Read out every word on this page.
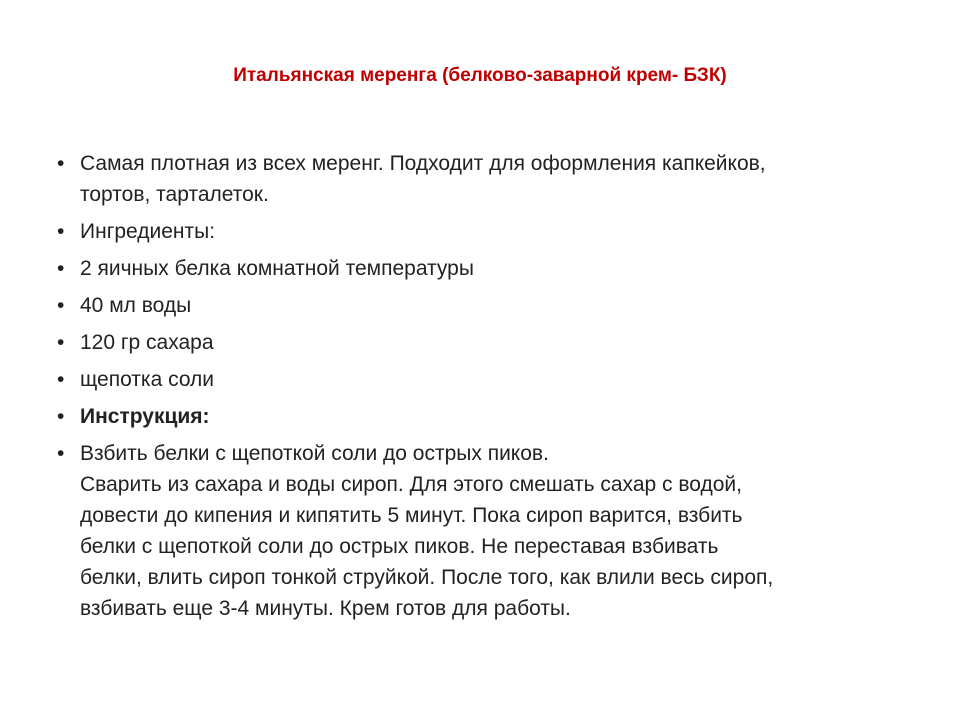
Итальянская меренга (белково-заварной крем- БЗК)
• Самая плотная из всех меренг. Подходит для оформления капкейков,
тортов, тарталеток.
• Ингредиенты:
• 2 яичных белка комнатной температуры
• 40 мл воды
• 120 гр сахара
• щепотка соли
• Инструкция:
• Взбить белки с щепоткой соли до острых пиков.
Сварить из сахара и воды сироп. Для этого смешать сахар с водой,
довести до кипения и кипятить 5 минут. Пока сироп варится, взбить
белки с щепоткой соли до острых пиков. Не переставая взбивать
белки, влить сироп тонкой струйкой. После того, как влили весь сироп,
взбивать еще 3-4 минуты. Крем готов для работы.
